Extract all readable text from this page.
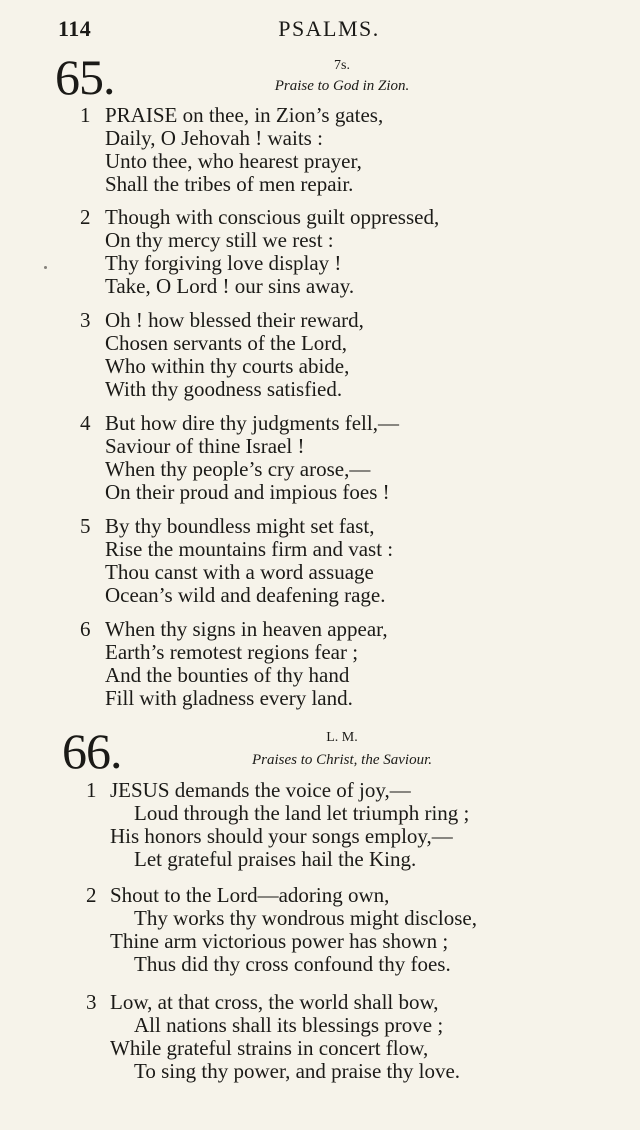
114	PSALMS.
65.	7s.
Praise to God in Zion.
1 PRAISE on thee, in Zion’s gates,
Daily, O Jehovah ! waits :
Unto thee, who hearest prayer,
Shall the tribes of men repair.
2 Though with conscious guilt oppressed,
On thy mercy still we rest :
Thy forgiving love display !
Take, O Lord ! our sins away.
3 Oh ! how blessed their reward,
Chosen servants of the Lord,
Who within thy courts abide,
With thy goodness satisfied.
4 But how dire thy judgments fell,—
Saviour of thine Israel !
When thy people’s cry arose,—
On their proud and impious foes !
5 By thy boundless might set fast,
Rise the mountains firm and vast :
Thou canst with a word assuage
Ocean’s wild and deafening rage.
6 When thy signs in heaven appear,
Earth’s remotest regions fear ;
And the bounties of thy hand
Fill with gladness every land.
66.	L. M.
Praises to Christ, the Saviour.
1 JESUS demands the voice of joy,—
Loud through the land let triumph ring ;
His honors should your songs employ,—
Let grateful praises hail the King.
2 Shout to the Lord—adoring own,
Thy works thy wondrous might disclose,
Thine arm victorious power has shown ;
Thus did thy cross confound thy foes.
3 Low, at that cross, the world shall bow,
All nations shall its blessings prove ;
While grateful strains in concert flow,
To sing thy power, and praise thy love.
